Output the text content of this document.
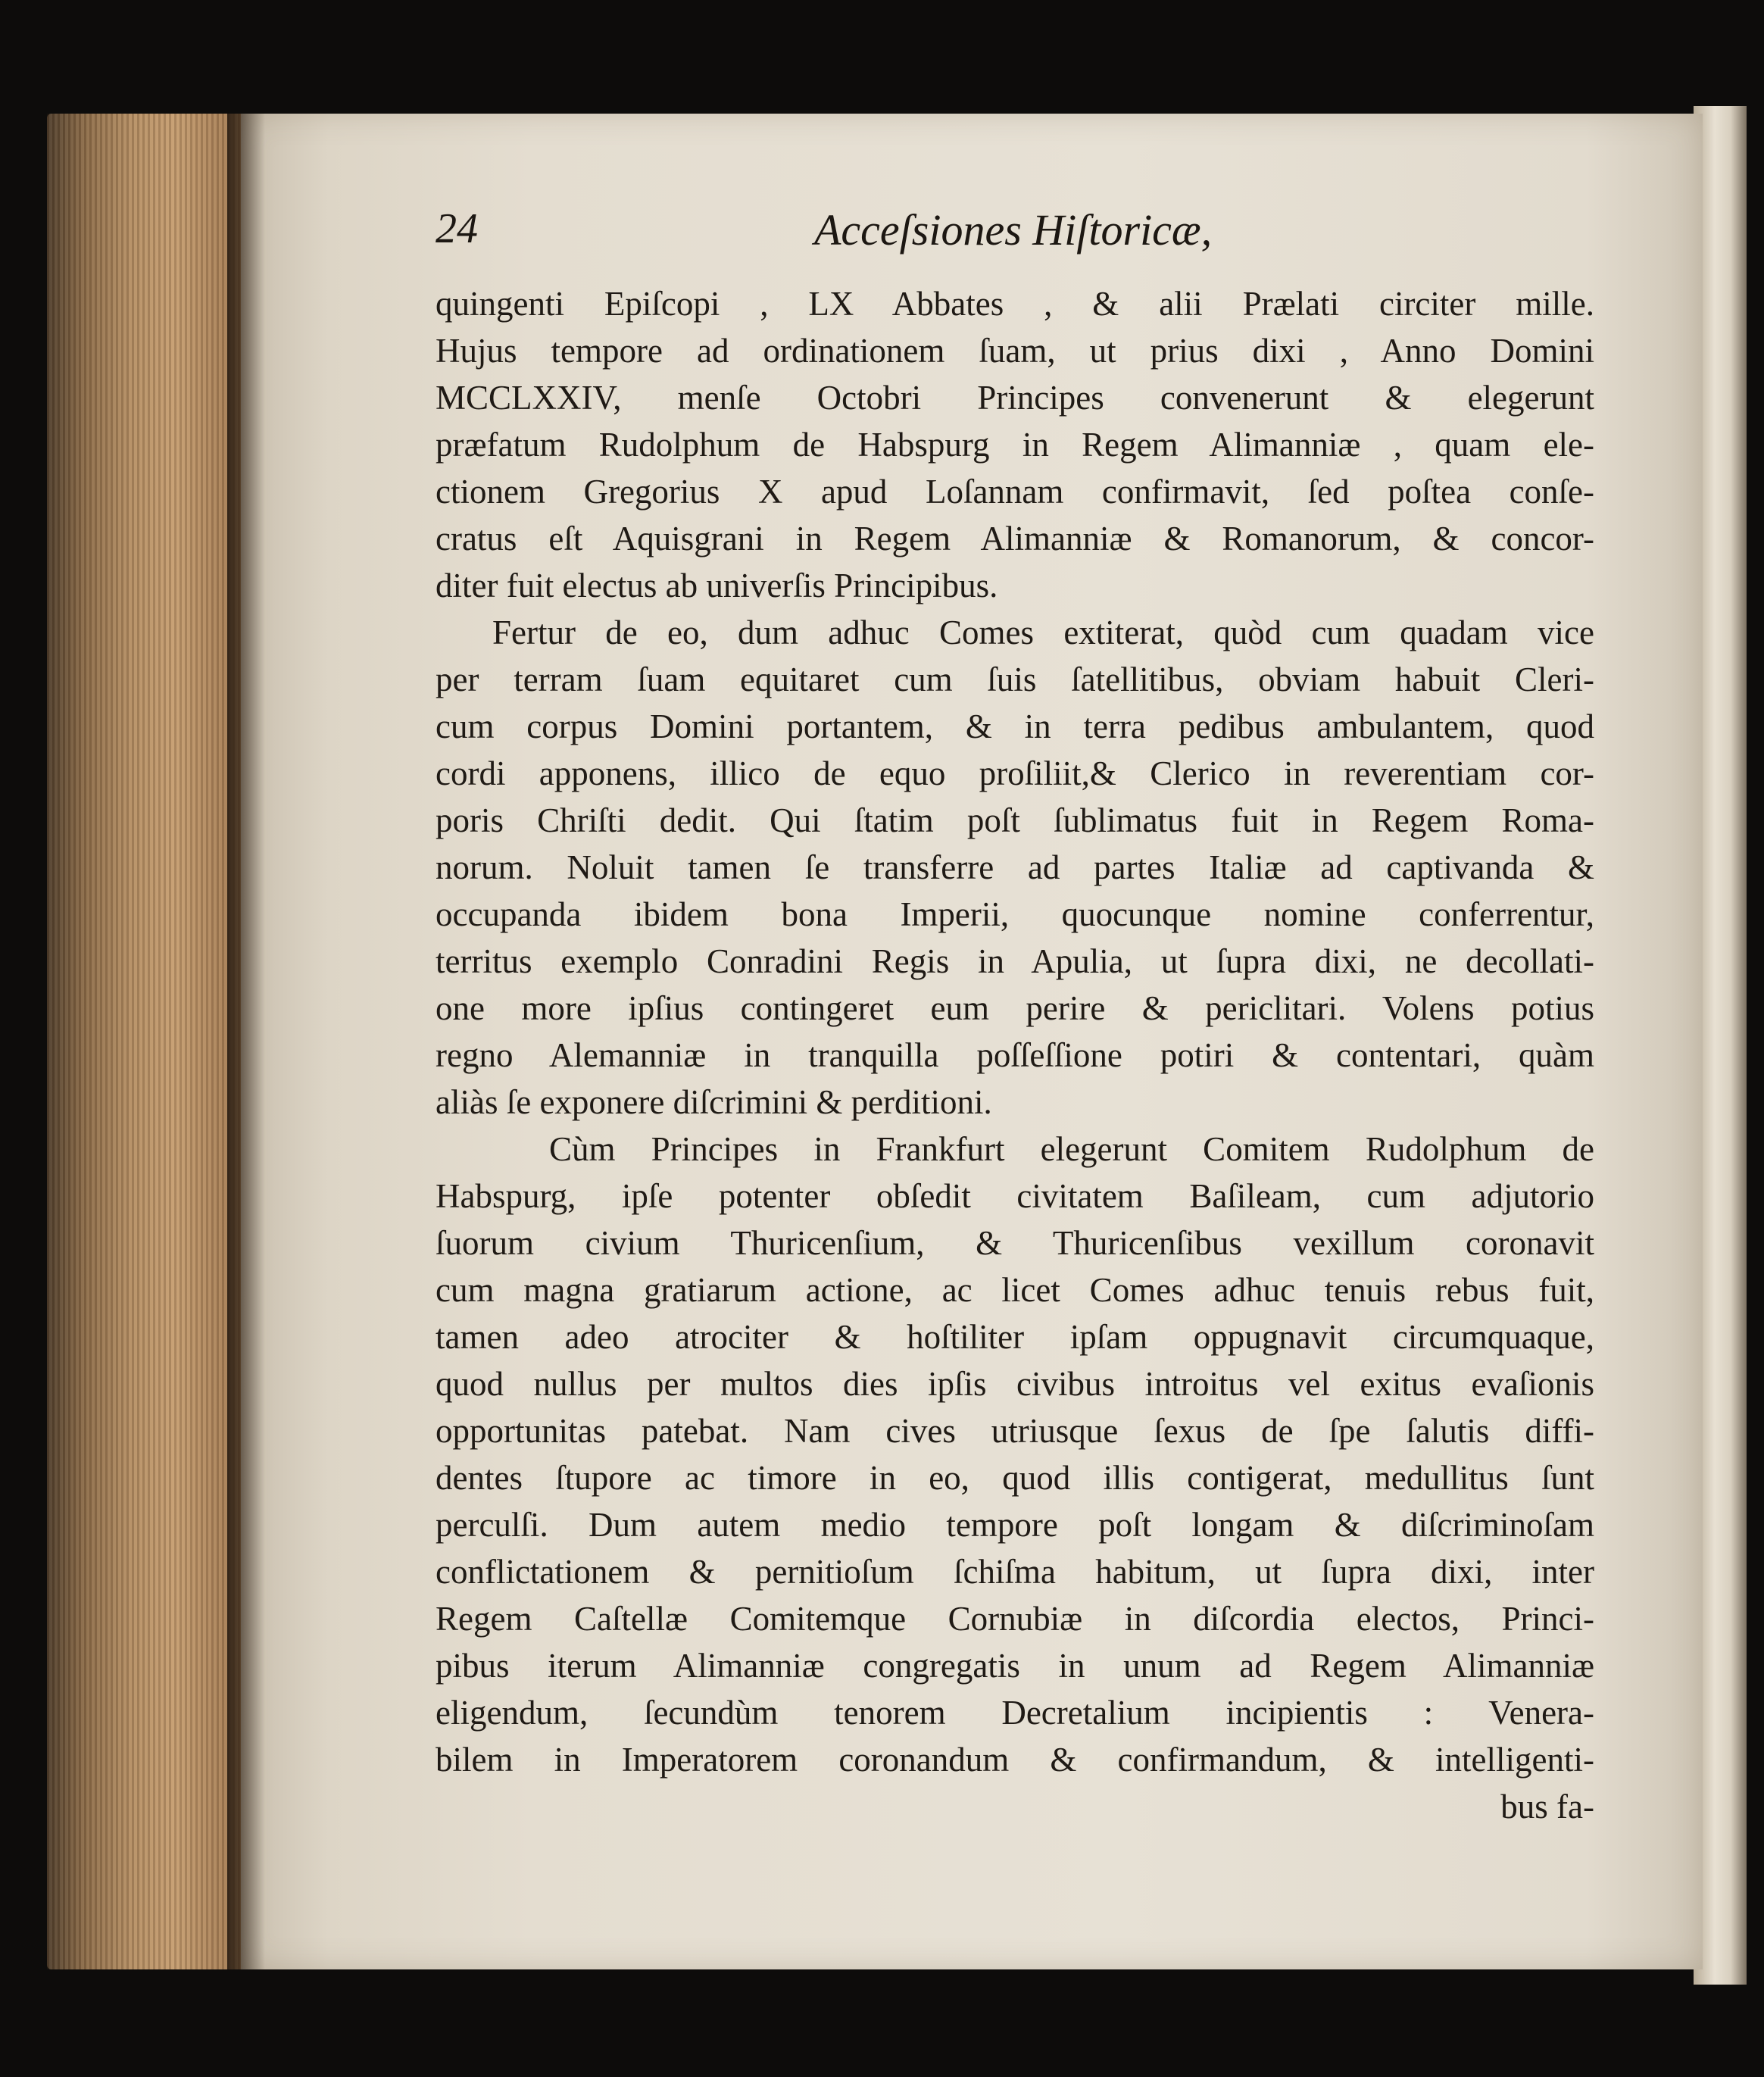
24	Acceſsiones Hiſtoricæ,
quingenti Epiſcopi , LX Abbates , & alii Prælati circiter mille.
Hujus tempore ad ordinationem ſuam, ut prius dixi , Anno Domini
MCCLXXIV, menſe Octobri Principes convenerunt & elegerunt
præfatum Rudolphum de Habspurg in Regem Alimanniæ , quam ele-
ctionem Gregorius X apud Loſannam confirmavit, ſed poſtea conſe-
cratus eſt Aquisgrani in Regem Alimanniæ & Romanorum, & concor-
diter fuit electus ab univerſis Principibus.
Fertur de eo, dum adhuc Comes extiterat, quòd cum quadam vice
per terram ſuam equitaret cum ſuis ſatellitibus, obviam habuit Cleri-
cum corpus Domini portantem, & in terra pedibus ambulantem, quod
cordi apponens, illico de equo proſiliit,& Clerico in reverentiam cor-
poris Chriſti dedit. Qui ſtatim poſt ſublimatus fuit in Regem Roma-
norum. Noluit tamen ſe transferre ad partes Italiæ ad captivanda &
occupanda ibidem bona Imperii, quocunque nomine conferrentur,
territus exemplo Conradini Regis in Apulia, ut ſupra dixi, ne decollati-
one more ipſius contingeret eum perire & periclitari. Volens potius
regno Alemanniæ in tranquilla poſſeſſione potiri & contentari, quàm
aliàs ſe exponere diſcrimini & perditioni.
Cùm Principes in Frankfurt elegerunt Comitem Rudolphum de
Habspurg, ipſe potenter obſedit civitatem Baſileam, cum adjutorio
ſuorum civium Thuricenſium, & Thuricenſibus vexillum coronavit
cum magna gratiarum actione, ac licet Comes adhuc tenuis rebus fuit,
tamen adeo atrociter & hoſtiliter ipſam oppugnavit circumquaque,
quod nullus per multos dies ipſis civibus introitus vel exitus evaſionis
opportunitas patebat. Nam cives utriusque ſexus de ſpe ſalutis diffi-
dentes ſtupore ac timore in eo, quod illis contigerat, medullitus ſunt
perculſi. Dum autem medio tempore poſt longam & diſcriminoſam
conflictationem & pernitioſum ſchiſma habitum, ut ſupra dixi, inter
Regem Caſtellæ Comitemque Cornubiæ in diſcordia electos, Princi-
pibus iterum Alimanniæ congregatis in unum ad Regem Alimanniæ
eligendum, ſecundùm tenorem Decretalium incipientis : Venera-
bilem in Imperatorem coronandum & confirmandum, & intelligenti-
bus fa-
